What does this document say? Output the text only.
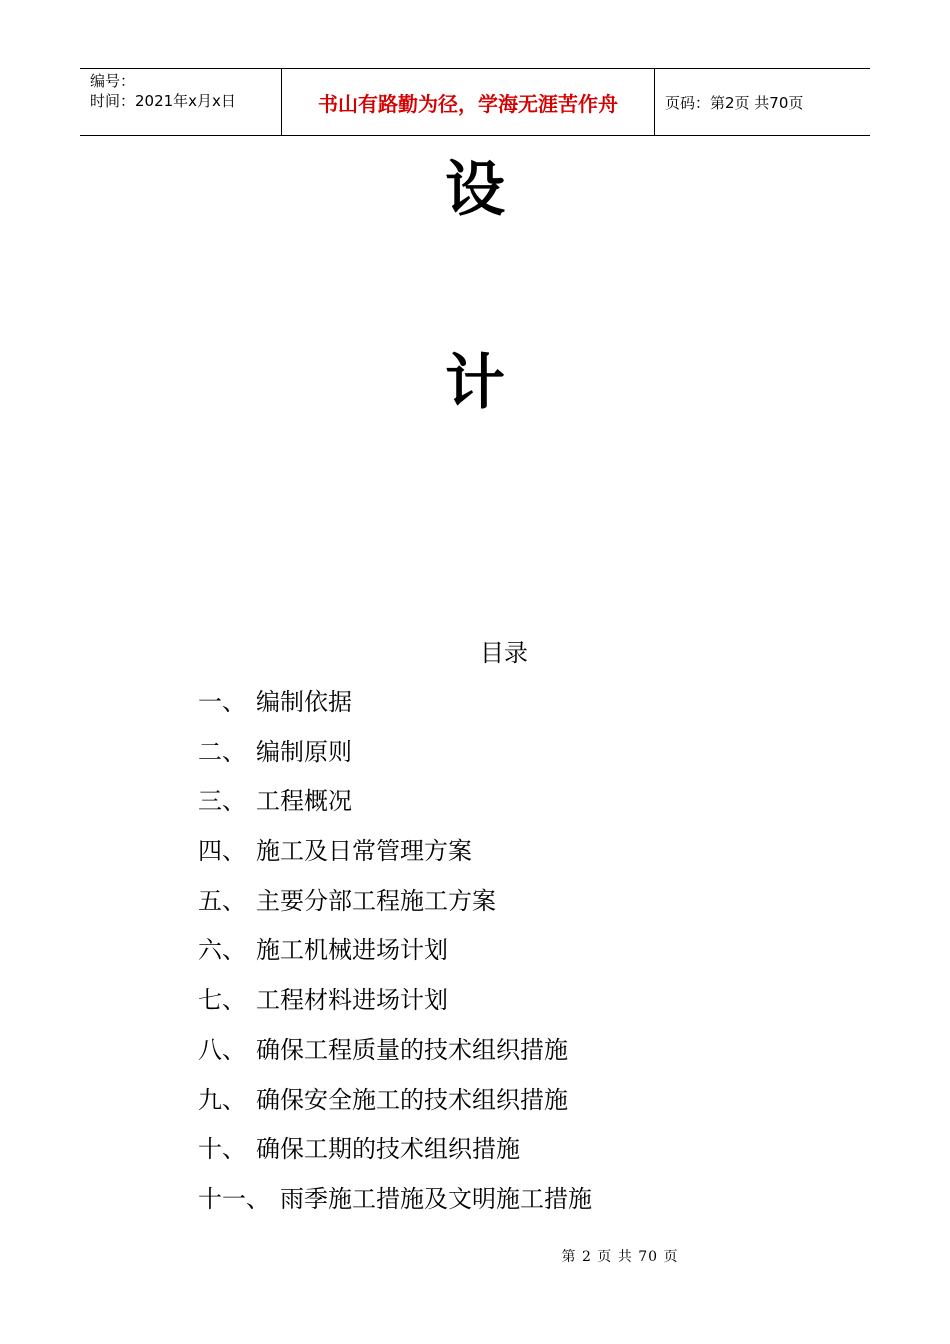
编号：
时间：2021年x月x日	书山有路勤为径，学海无涯苦作舟	页码：第2页 共70页
设
计
目录
一、 编制依据
二、 编制原则
三、 工程概况
四、 施工及日常管理方案
五、 主要分部工程施工方案
六、 施工机械进场计划
七、 工程材料进场计划
八、 确保工程质量的技术组织措施
九、 确保安全施工的技术组织措施
十、 确保工期的技术组织措施
十一、 雨季施工措施及文明施工措施
第 2 页 共 70 页
